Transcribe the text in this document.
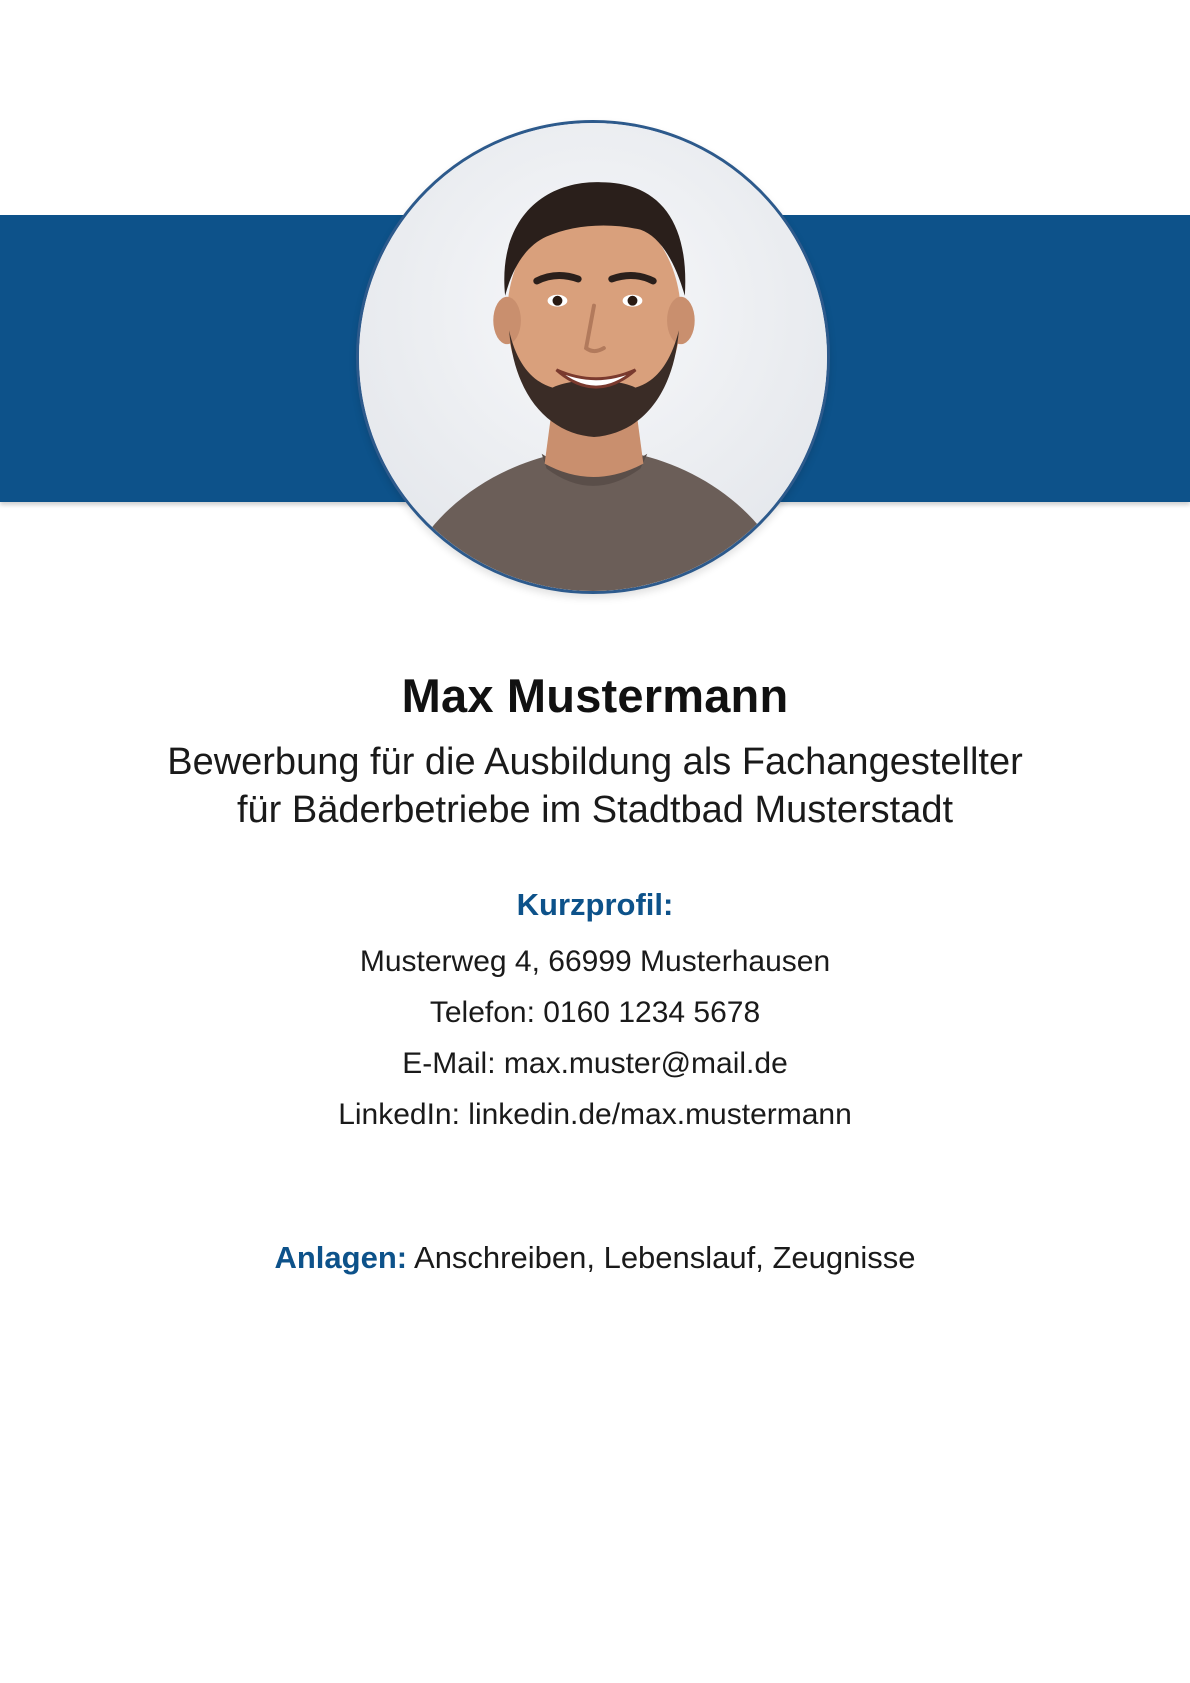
Max Mustermann
Bewerbung für die Ausbildung als Fachangestellter
für Bäderbetriebe im Stadtbad Musterstadt
Kurzprofil:
Musterweg 4, 66999 Musterhausen
Telefon: 0160 1234 5678
E-Mail: max.muster@mail.de
LinkedIn: linkedin.de/max.mustermann
Anlagen: Anschreiben, Lebenslauf, Zeugnisse
